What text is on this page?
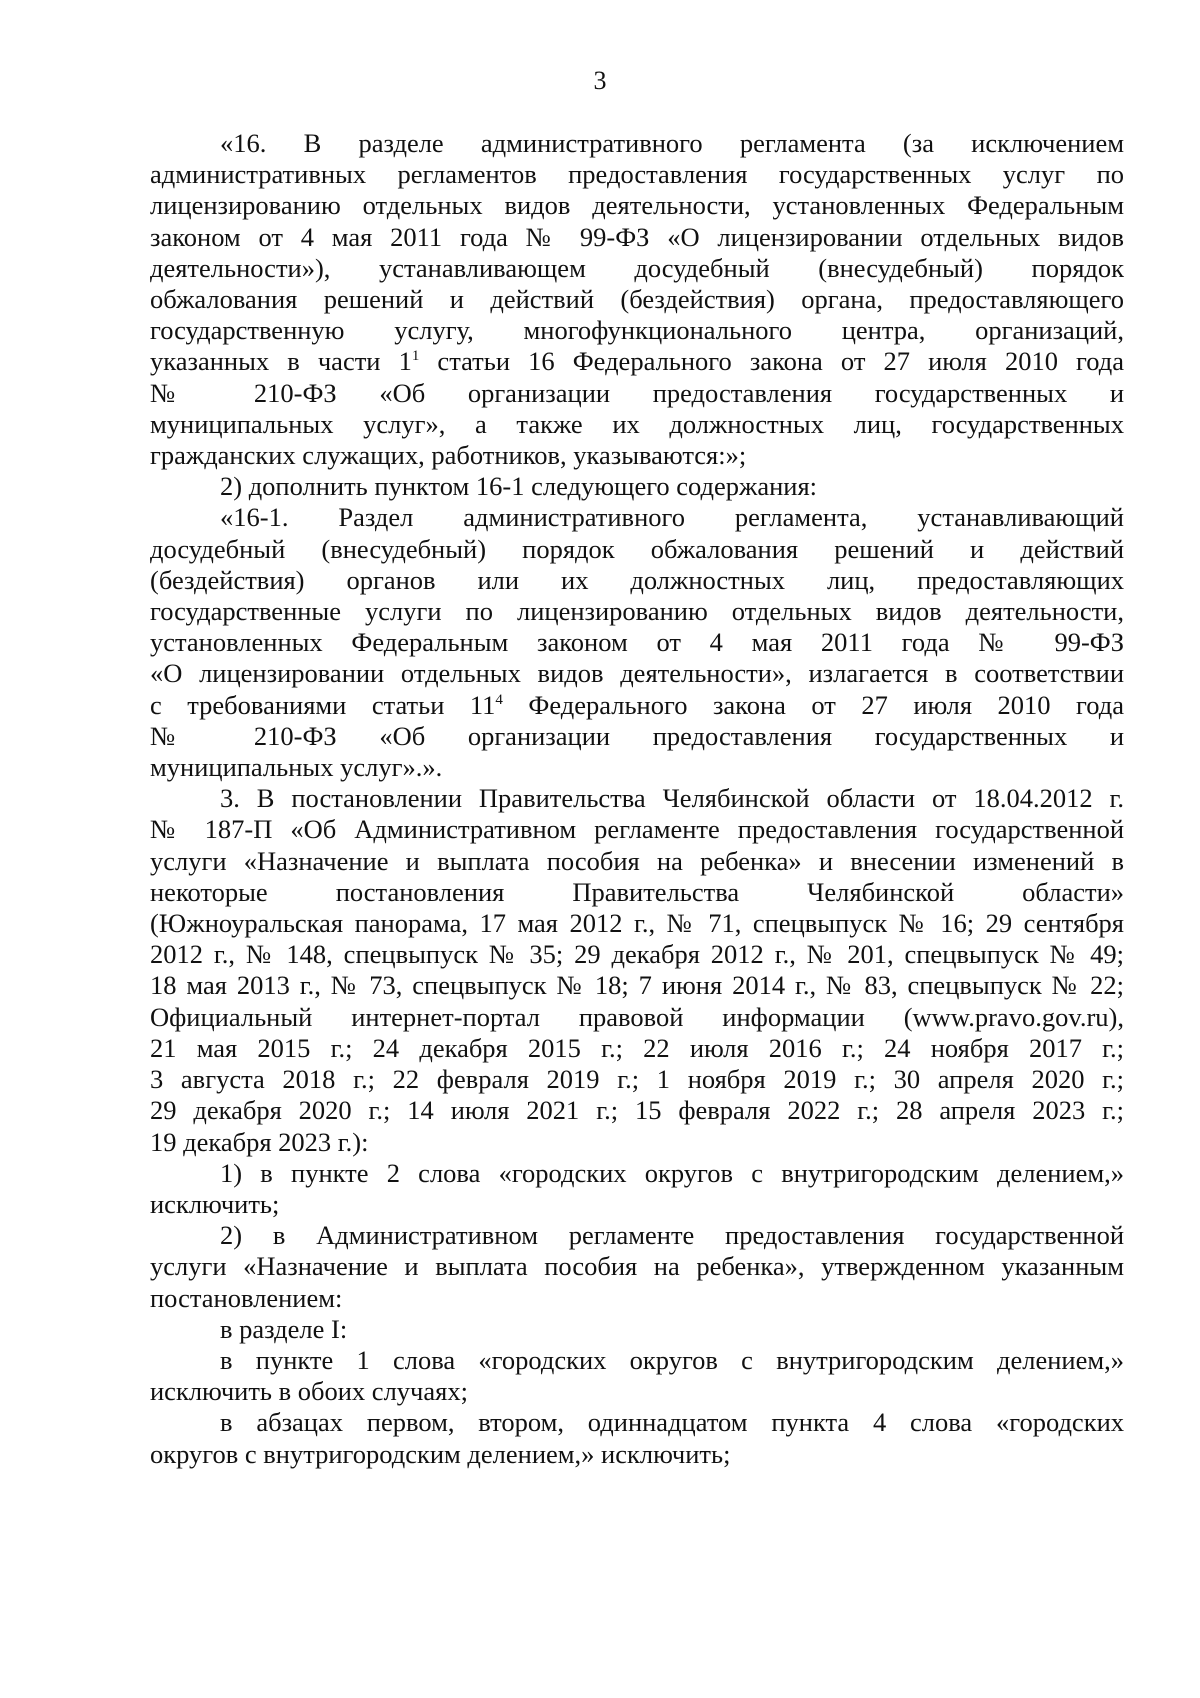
3
«16. В разделе административного регламента (за исключением
административных регламентов предоставления государственных услуг по
лицензированию отдельных видов деятельности, установленных Федеральным
законом от 4 мая 2011 года № 99-ФЗ «О лицензировании отдельных видов
деятельности»), устанавливающем досудебный (внесудебный) порядок
обжалования решений и действий (бездействия) органа, предоставляющего
государственную услугу, многофункционального центра, организаций,
указанных в части $1^1$ статьи 16 Федерального закона от 27 июля 2010 года
№ 210-ФЗ «Об организации предоставления государственных и
муниципальных услуг», а также их должностных лиц, государственных
гражданских служащих, работников, указываются:»;
2) дополнить пунктом 16-1 следующего содержания:
«16-1. Раздел административного регламента, устанавливающий
досудебный (внесудебный) порядок обжалования решений и действий
(бездействия) органов или их должностных лиц, предоставляющих
государственные услуги по лицензированию отдельных видов деятельности,
установленных Федеральным законом от 4 мая 2011 года № 99-ФЗ
«О лицензировании отдельных видов деятельности», излагается в соответствии
с требованиями статьи $11^4$ Федерального закона от 27 июля 2010 года
№ 210-ФЗ «Об организации предоставления государственных и
муниципальных услуг».».
3. В постановлении Правительства Челябинской области от 18.04.2012 г.
№ 187-П «Об Административном регламенте предоставления государственной
услуги «Назначение и выплата пособия на ребенка» и внесении изменений в
некоторые постановления Правительства Челябинской области»
(Южноуральская панорама, 17 мая 2012 г., № 71, спецвыпуск № 16; 29 сентября
2012 г., № 148, спецвыпуск № 35; 29 декабря 2012 г., № 201, спецвыпуск № 49;
18 мая 2013 г., № 73, спецвыпуск № 18; 7 июня 2014 г., № 83, спецвыпуск № 22;
Официальный интернет-портал правовой информации (www.pravo.gov.ru),
21 мая 2015 г.; 24 декабря 2015 г.; 22 июля 2016 г.; 24 ноября 2017 г.;
3 августа 2018 г.; 22 февраля 2019 г.; 1 ноября 2019 г.; 30 апреля 2020 г.;
29 декабря 2020 г.; 14 июля 2021 г.; 15 февраля 2022 г.; 28 апреля 2023 г.;
19 декабря 2023 г.):
1) в пункте 2 слова «городских округов с внутригородским делением,»
исключить;
2) в Административном регламенте предоставления государственной
услуги «Назначение и выплата пособия на ребенка», утвержденном указанным
постановлением:
в разделе I:
в пункте 1 слова «городских округов с внутригородским делением,»
исключить в обоих случаях;
в абзацах первом, втором, одиннадцатом пункта 4 слова «городских
округов с внутригородским делением,» исключить;
